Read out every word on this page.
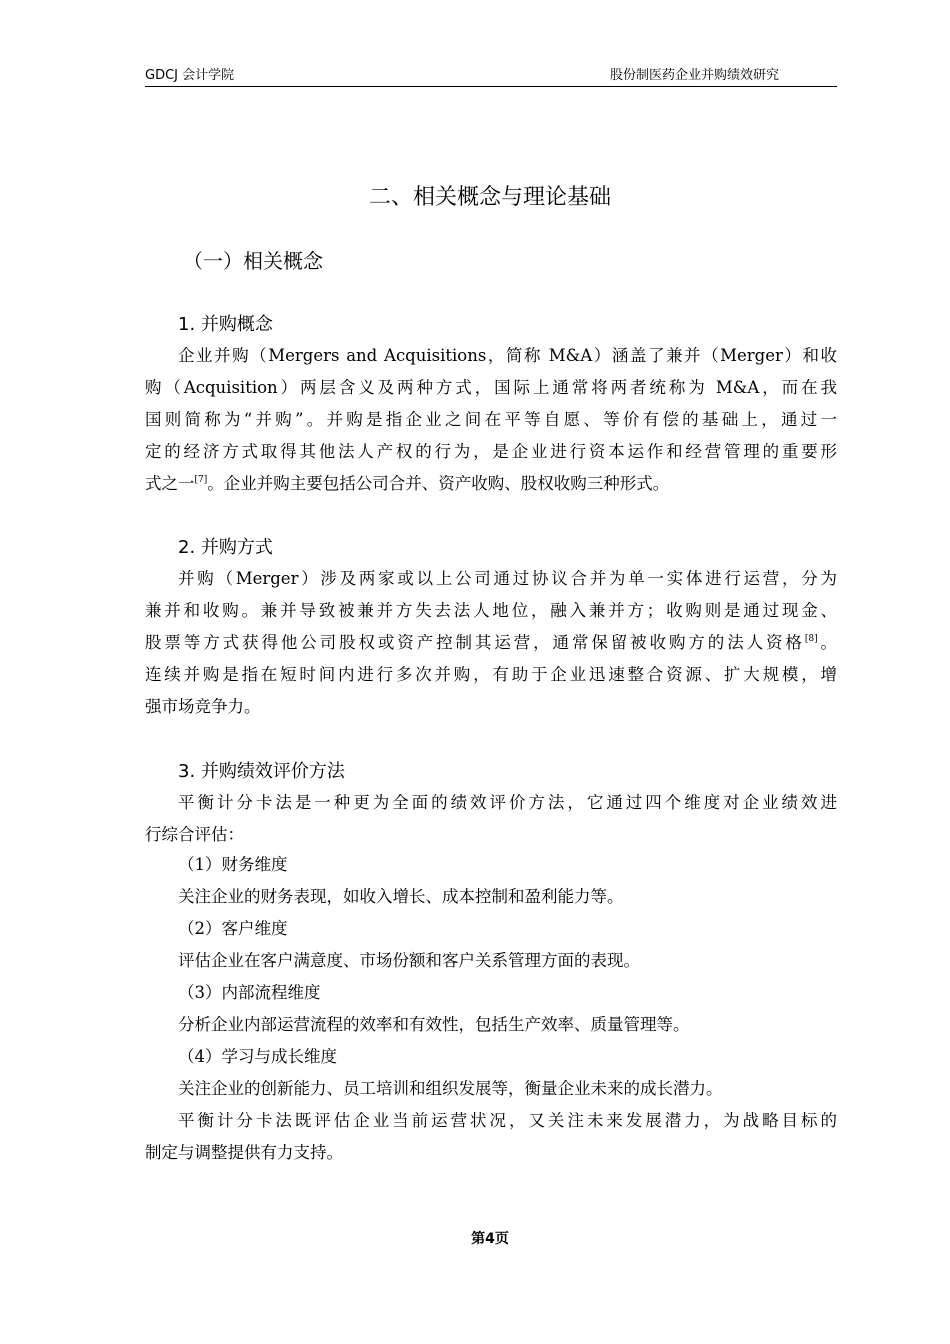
GDCJ 会计学院	股份制医药企业并购绩效研究
二、相关概念与理论基础
（一）相关概念
1. 并购概念
企业并购（Mergers and Acquisitions，简称 M&A）涵盖了兼并（Merger）和收
购（Acquisition）两层含义及两种方式，国际上通常将两者统称为 M&A，而在我
国则简称为“并购”。并购是指企业之间在平等自愿、等价有偿的基础上，通过一
定的经济方式取得其他法人产权的行为，是企业进行资本运作和经营管理的重要形
式之一[7]。企业并购主要包括公司合并、资产收购、股权收购三种形式。
2. 并购方式
并购（Merger）涉及两家或以上公司通过协议合并为单一实体进行运营，分为
兼并和收购。兼并导致被兼并方失去法人地位，融入兼并方；收购则是通过现金、
股票等方式获得他公司股权或资产控制其运营，通常保留被收购方的法人资格[8]。
连续并购是指在短时间内进行多次并购，有助于企业迅速整合资源、扩大规模，增
强市场竞争力。
3. 并购绩效评价方法
平衡计分卡法是一种更为全面的绩效评价方法，它通过四个维度对企业绩效进
行综合评估：
（1）财务维度
关注企业的财务表现，如收入增长、成本控制和盈利能力等。
（2）客户维度
评估企业在客户满意度、市场份额和客户关系管理方面的表现。
（3）内部流程维度
分析企业内部运营流程的效率和有效性，包括生产效率、质量管理等。
（4）学习与成长维度
关注企业的创新能力、员工培训和组织发展等，衡量企业未来的成长潜力。
平衡计分卡法既评估企业当前运营状况，又关注未来发展潜力，为战略目标的
制定与调整提供有力支持。
第4页
